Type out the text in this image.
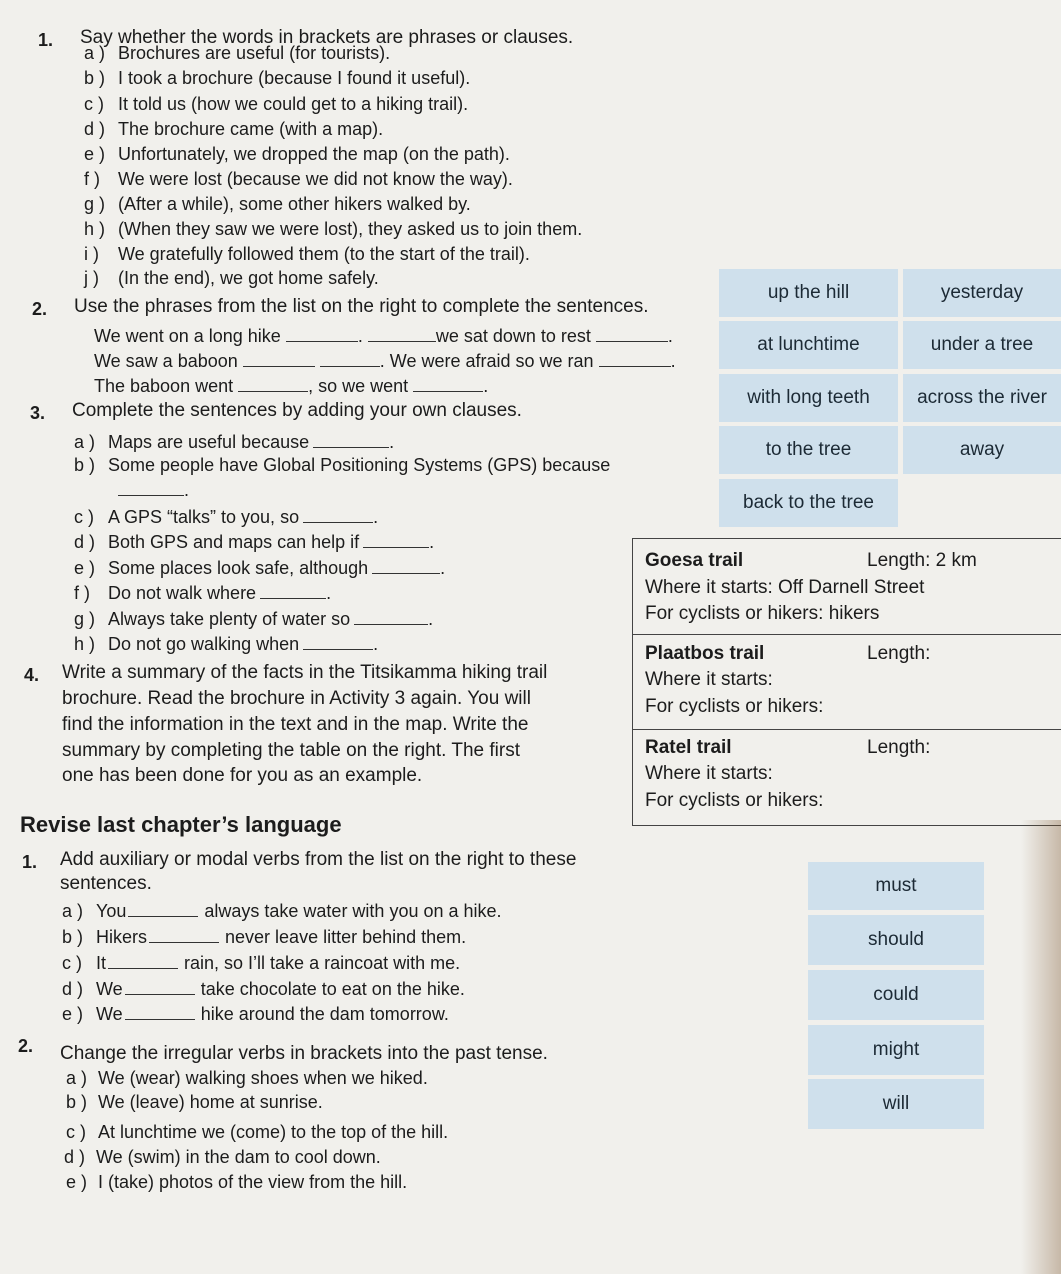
1. Say whether the words in brackets are phrases or clauses.
a ) Brochures are useful (for tourists).
b ) I took a brochure (because I found it useful).
c ) It told us (how we could get to a hiking trail).
d ) The brochure came (with a map).
e ) Unfortunately, we dropped the map (on the path).
f ) We were lost (because we did not know the way).
g ) (After a while), some other hikers walked by.
h ) (When they saw we were lost), they asked us to join them.
i ) We gratefully followed them (to the start of the trail).
j ) (In the end), we got home safely.
2. Use the phrases from the list on the right to complete the sentences.
We went on a long hike	.	we sat down to rest	.
We saw a baboon	. We were afraid so we ran	.
The baboon went	, so we went	.
up the hill	yesterday
at lunchtime	under a tree
with long teeth	across the river
to the tree	away
back to the tree
3. Complete the sentences by adding your own clauses.
a ) Maps are useful because	.
b ) Some people have Global Positioning Systems (GPS) because
c ) A GPS “talks” to you, so	.
d ) Both GPS and maps can help if	.
e ) Some places look safe, although	.
f ) Do not walk where	.
g ) Always take plenty of water so	.
h ) Do not go walking when	.
.
4. Write a summary of the facts in the Titsikamma hiking trail
brochure. Read the brochure in Activity 3 again. You will
find the information in the text and in the map. Write the
summary by completing the table on the right. The first
one has been done for you as an example.
Goesa trail	Length: 2 km
Where it starts: Off Darnell Street
For cyclists or hikers: hikers
Plaatbos trail	Length:
Where it starts:
For cyclists or hikers:
Ratel trail	Length:
Where it starts:
For cyclists or hikers:
Revise last chapter’s language
1. Add auxiliary or modal verbs from the list on the right to these
sentences.
a ) You	always take water with you on a hike.
b ) Hikers	never leave litter behind them.
c ) It	rain, so I’ll take a raincoat with me.
d ) We	take chocolate to eat on the hike.
e ) We	hike around the dam tomorrow.
must
should
could
might
will
2. Change the irregular verbs in brackets into the past tense.
a ) We (wear) walking shoes when we hiked.
b ) We (leave) home at sunrise.
c ) At lunchtime we (come) to the top of the hill.
d ) We (swim) in the dam to cool down.
e ) I (take) photos of the view from the hill.
